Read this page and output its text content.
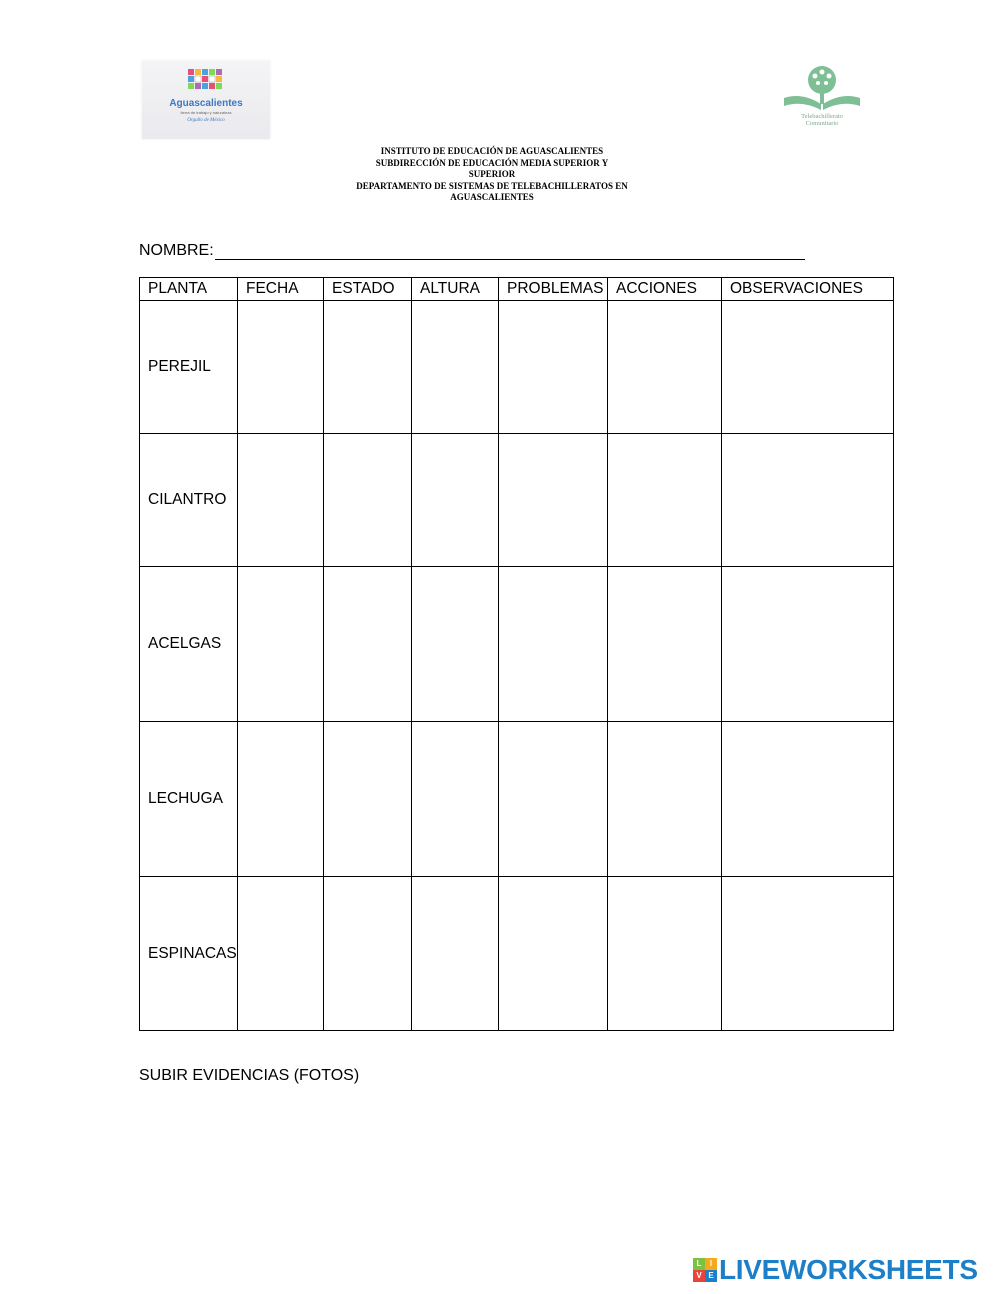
Aguascalientes
tierra de trabajo y naturaleza
Orgullo de México
Telebachillerato
Comunitario
INSTITUTO DE EDUCACIÓN DE AGUASCALIENTES
SUBDIRECCIÓN DE EDUCACIÓN MEDIA SUPERIOR Y
SUPERIOR
DEPARTAMENTO DE SISTEMAS DE TELEBACHILLERATOS EN
AGUASCALIENTES
NOMBRE:
PLANTA	FECHA	ESTADO	ALTURA	PROBLEMAS	ACCIONES	OBSERVACIONES
PEREJIL						
CILANTRO						
ACELGAS						
LECHUGA						
ESPINACAS						
SUBIR EVIDENCIAS (FOTOS)
L	I
V E LIVEWORKSHEETS
